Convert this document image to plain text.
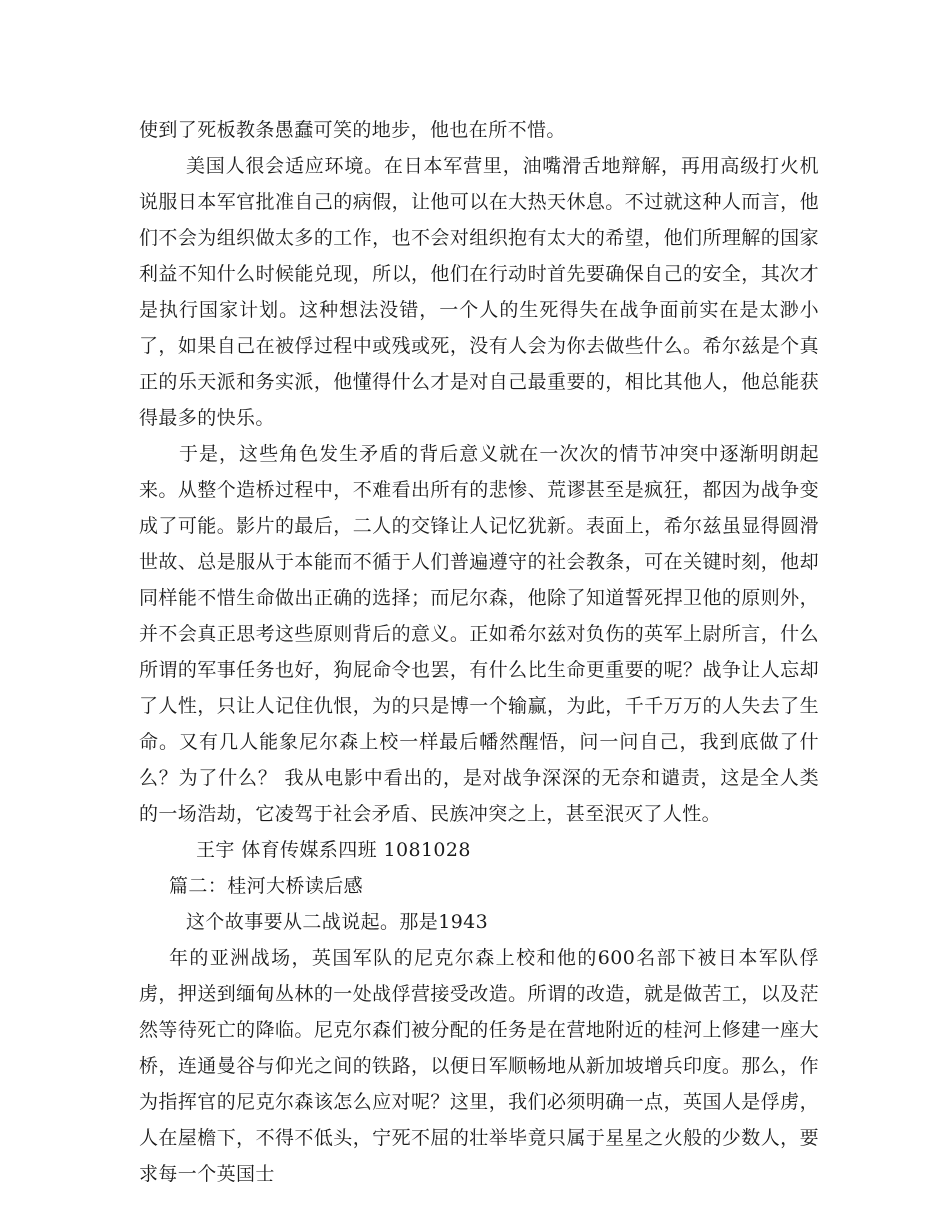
使到了死板教条愚蠢可笑的地步，他也在所不惜。

美国人很会适应环境。在日本军营里，油嘴滑舌地辩解，再用高级打火机说服日本军官批准自己的病假，让他可以在大热天休息。不过就这种人而言，他们不会为组织做太多的工作，也不会对组织抱有太大的希望，他们所理解的国家利益不知什么时候能兑现，所以，他们在行动时首先要确保自己的安全，其次才是执行国家计划。这种想法没错，一个人的生死得失在战争面前实在是太渺小了，如果自己在被俘过程中或残或死，没有人会为你去做些什么。希尔兹是个真正的乐天派和务实派，他懂得什么才是对自己最重要的，相比其他人，他总能获得最多的快乐。

于是，这些角色发生矛盾的背后意义就在一次次的情节冲突中逐渐明朗起来。从整个造桥过程中，不难看出所有的悲惨、荒谬甚至是疯狂，都因为战争变成了可能。影片的最后，二人的交锋让人记忆犹新。表面上，希尔兹虽显得圆滑世故、总是服从于本能而不循于人们普遍遵守的社会教条，可在关键时刻，他却同样能不惜生命做出正确的选择；而尼尔森，他除了知道誓死捍卫他的原则外，并不会真正思考这些原则背后的意义。正如希尔兹对负伤的英军上尉所言，什么所谓的军事任务也好，狗屁命令也罢，有什么比生命更重要的呢？战争让人忘却了人性，只让人记住仇恨，为的只是博一个输赢，为此，千千万万的人失去了生命。又有几人能象尼尔森上校一样最后幡然醒悟，问一问自己，我到底做了什么？为了什么？ 我从电影中看出的，是对战争深深的无奈和谴责，这是全人类的一场浩劫，它凌驾于社会矛盾、民族冲突之上，甚至泯灭了人性。

王宇 体育传媒系四班 1081028

篇二：桂河大桥读后感

这个故事要从二战说起。那是1943

年的亚洲战场，英国军队的尼克尔森上校和他的600名部下被日本军队俘虏，押送到缅甸丛林的一处战俘营接受改造。所谓的改造，就是做苦工，以及茫然等待死亡的降临。尼克尔森们被分配的任务是在营地附近的桂河上修建一座大桥，连通曼谷与仰光之间的铁路，以便日军顺畅地从新加坡增兵印度。那么，作为指挥官的尼克尔森该怎么应对呢？这里，我们必须明确一点，英国人是俘虏，人在屋檐下，不得不低头，宁死不屈的壮举毕竟只属于星星之火般的少数人，要求每一个英国士
